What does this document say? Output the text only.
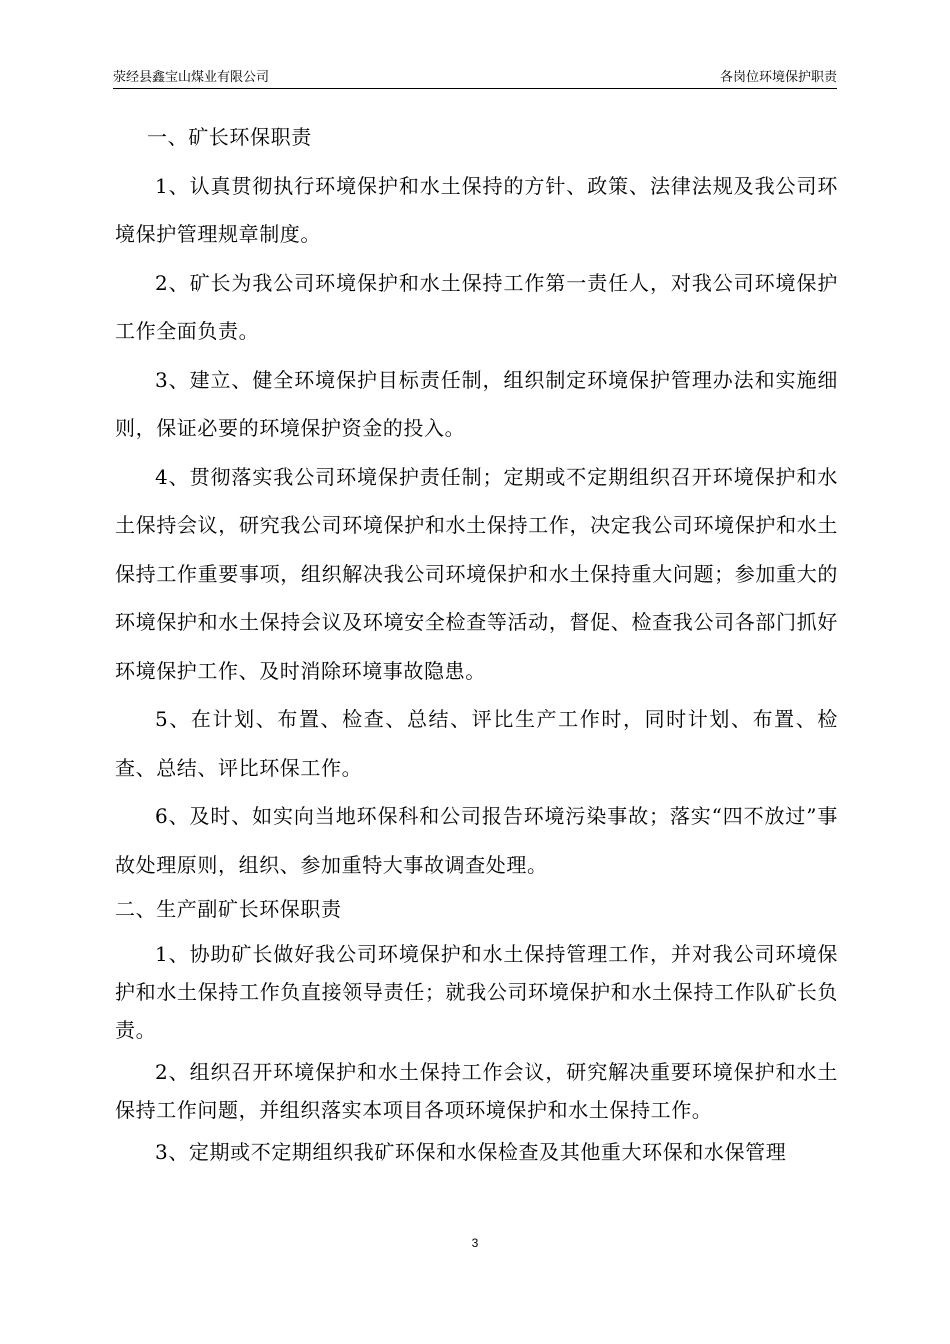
荥经县鑫宝山煤业有限公司	各岗位环境保护职责

一、矿长环保职责

1、认真贯彻执行环境保护和水土保持的方针、政策、法律法规及我公司环境保护管理规章制度。

2、矿长为我公司环境保护和水土保持工作第一责任人，对我公司环境保护工作全面负责。

3、建立、健全环境保护目标责任制，组织制定环境保护管理办法和实施细则，保证必要的环境保护资金的投入。

4、贯彻落实我公司环境保护责任制；定期或不定期组织召开环境保护和水土保持会议，研究我公司环境保护和水土保持工作，决定我公司环境保护和水土保持工作重要事项，组织解决我公司环境保护和水土保持重大问题；参加重大的环境保护和水土保持会议及环境安全检查等活动，督促、检查我公司各部门抓好环境保护工作、及时消除环境事故隐患。

5、在计划、布置、检查、总结、评比生产工作时，同时计划、布置、检查、总结、评比环保工作。

6、及时、如实向当地环保科和公司报告环境污染事故；落实“四不放过”事故处理原则，组织、参加重特大事故调查处理。

二、生产副矿长环保职责

1、协助矿长做好我公司环境保护和水土保持管理工作，并对我公司环境保护和水土保持工作负直接领导责任；就我公司环境保护和水土保持工作队矿长负责。

2、组织召开环境保护和水土保持工作会议，研究解决重要环境保护和水土保持工作问题，并组织落实本项目各项环境保护和水土保持工作。

3、定期或不定期组织我矿环保和水保检查及其他重大环保和水保管理

3
